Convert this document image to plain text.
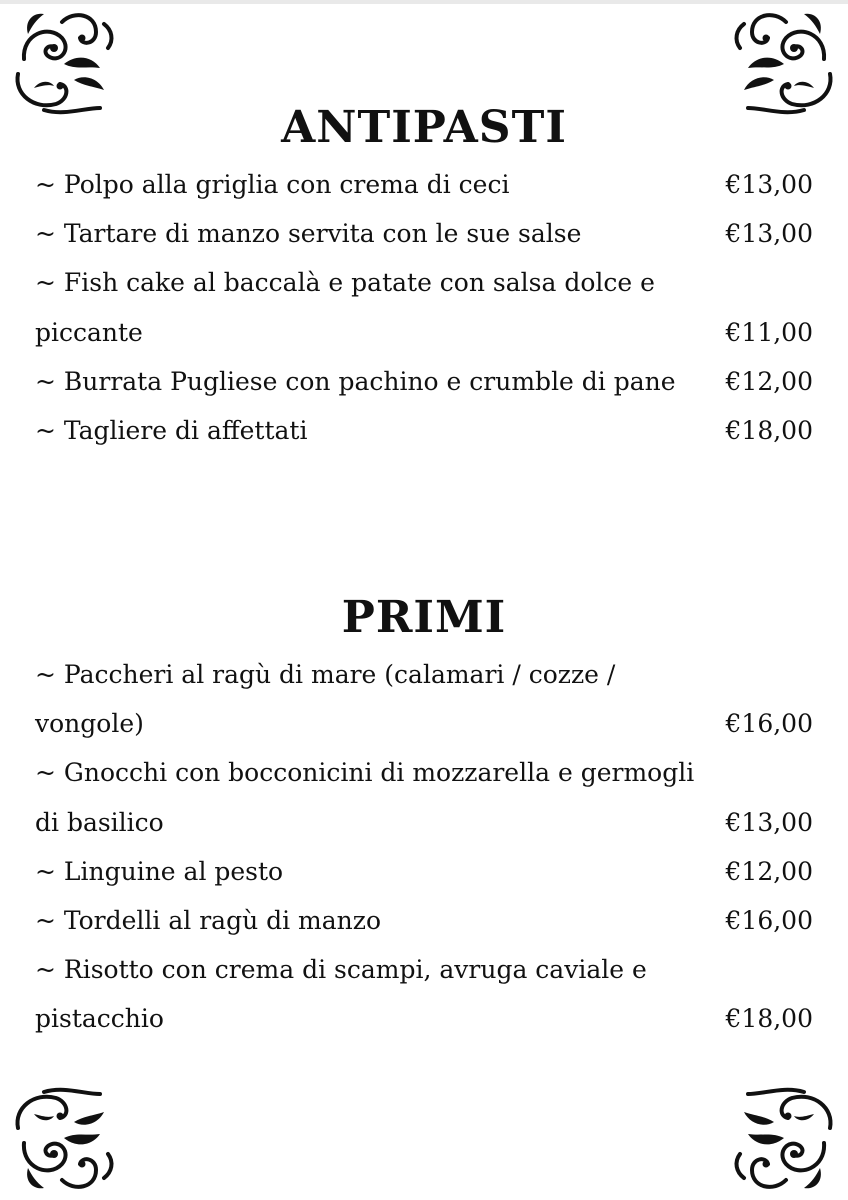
ANTIPASTI
~ Polpo alla griglia con crema di ceci	€13,00
~ Tartare di manzo servita con le sue salse	€13,00
~ Fish cake al baccalà e patate con salsa dolce e
piccante	€11,00
~ Burrata Pugliese con pachino e crumble di pane €12,00
~ Tagliere di affettati	€18,00
PRIMI
~ Paccheri al ragù di mare (calamari / cozze /
vongole)	€16,00
~ Gnocchi con bocconicini di mozzarella e germogli
di basilico	€13,00
~ Linguine al pesto	€12,00
~ Tordelli al ragù di manzo	€16,00
~ Risotto con crema di scampi, avruga caviale e
pistacchio	€18,00
